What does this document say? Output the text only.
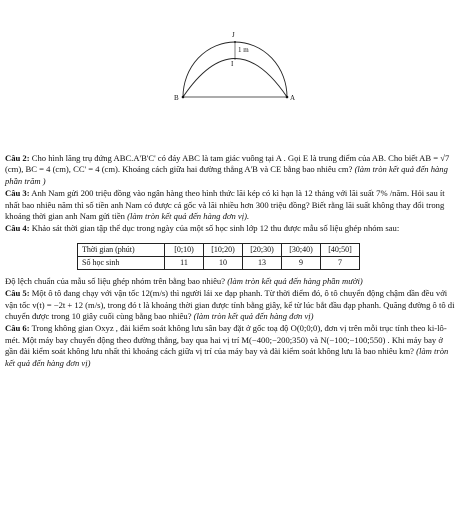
J
1 m
I
B	A

Câu 2: Cho hình lăng trụ đứng ABC.A'B'C' có đáy ABC là tam giác vuông tại A . Gọi E là trung điểm của AB. Cho biết AB = √7 (cm), BC = 4 (cm), CC' = 4 (cm). Khoảng cách giữa hai đường thẳng A'B và CE bằng bao nhiêu cm? (làm tròn kết quả đến hàng phần trăm )

Câu 3: Anh Nam gửi 200 triệu đồng vào ngân hàng theo hình thức lãi kép có kì hạn là 12 tháng với lãi suất 7% /năm. Hỏi sau ít nhất bao nhiêu năm thì số tiền anh Nam có được cả gốc và lãi nhiều hơn 300 triệu đồng? Biết rằng lãi suất không thay đổi trong khoảng thời gian anh Nam gửi tiền (làm tròn kết quả đến hàng đơn vị).

Câu 4: Khảo sát thời gian tập thể dục trong ngày của một số học sinh lớp 12 thu được mẫu số liệu ghép nhóm sau:

Thời gian (phút)	[0;10)	[10;20)	[20;30)	[30;40)	[40;50]
Số học sinh	11	10	13	9	7

Độ lệch chuẩn của mẫu số liệu ghép nhóm trên bằng bao nhiêu? (làm tròn kết quả đến hàng phần mười)

Câu 5: Một ô tô đang chạy với vận tốc 12(m/s) thì người lái xe đạp phanh. Từ thời điểm đó, ô tô chuyển động chậm dần đều với vận tốc v(t) = −2t + 12 (m/s), trong đó t là khoảng thời gian được tính bằng giây, kể từ lúc bắt đầu đạp phanh. Quãng đường ô tô di chuyển được trong 10 giây cuối cùng bằng bao nhiêu? (làm tròn kết quả đến hàng đơn vị)

Câu 6: Trong không gian Oxyz , đài kiểm soát không lưu sân bay đặt ở gốc toạ độ O(0;0;0), đơn vị trên mỗi trục tính theo ki-lô-mét. Một máy bay chuyển động theo đường thẳng, bay qua hai vị trí M(−400;−200;350) và N(−100;−100;550) . Khi máy bay ở gần đài kiểm soát không lưu nhất thì khoảng cách giữa vị trí của máy bay và đài kiểm soát không lưu là bao nhiêu km? (làm tròn kết quả đến hàng đơn vị)
